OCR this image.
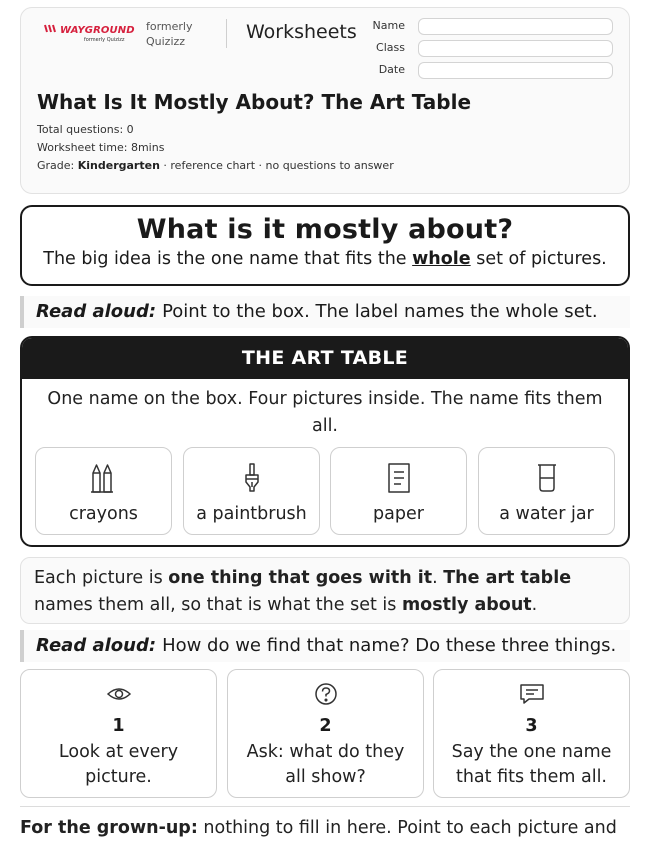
WAYGROUND
formerly Quizizz
formerly Quizizz	Worksheets Name
Class
Date
What Is It Mostly About? The Art Table
Total questions: 0
Worksheet time: 8mins
Grade: Kindergarten · reference chart · no questions to answer
What is it mostly about?
The big idea is the one name that fits the whole set of pictures.
Read aloud: Point to the box. The label names the whole set.
THE ART TABLE
One name on the box. Four pictures inside. The name fits them all.
crayons	a paintbrush	paper	a water jar
Each picture is one thing that goes with it. The art table names them all, so that is what the set is mostly about.
Read aloud: How do we find that name? Do these three things.
1
Look at every picture.
2
Ask: what do they all show?
3
Say the one name that fits them all.
For the grown-up: nothing to fill in here. Point to each picture and
